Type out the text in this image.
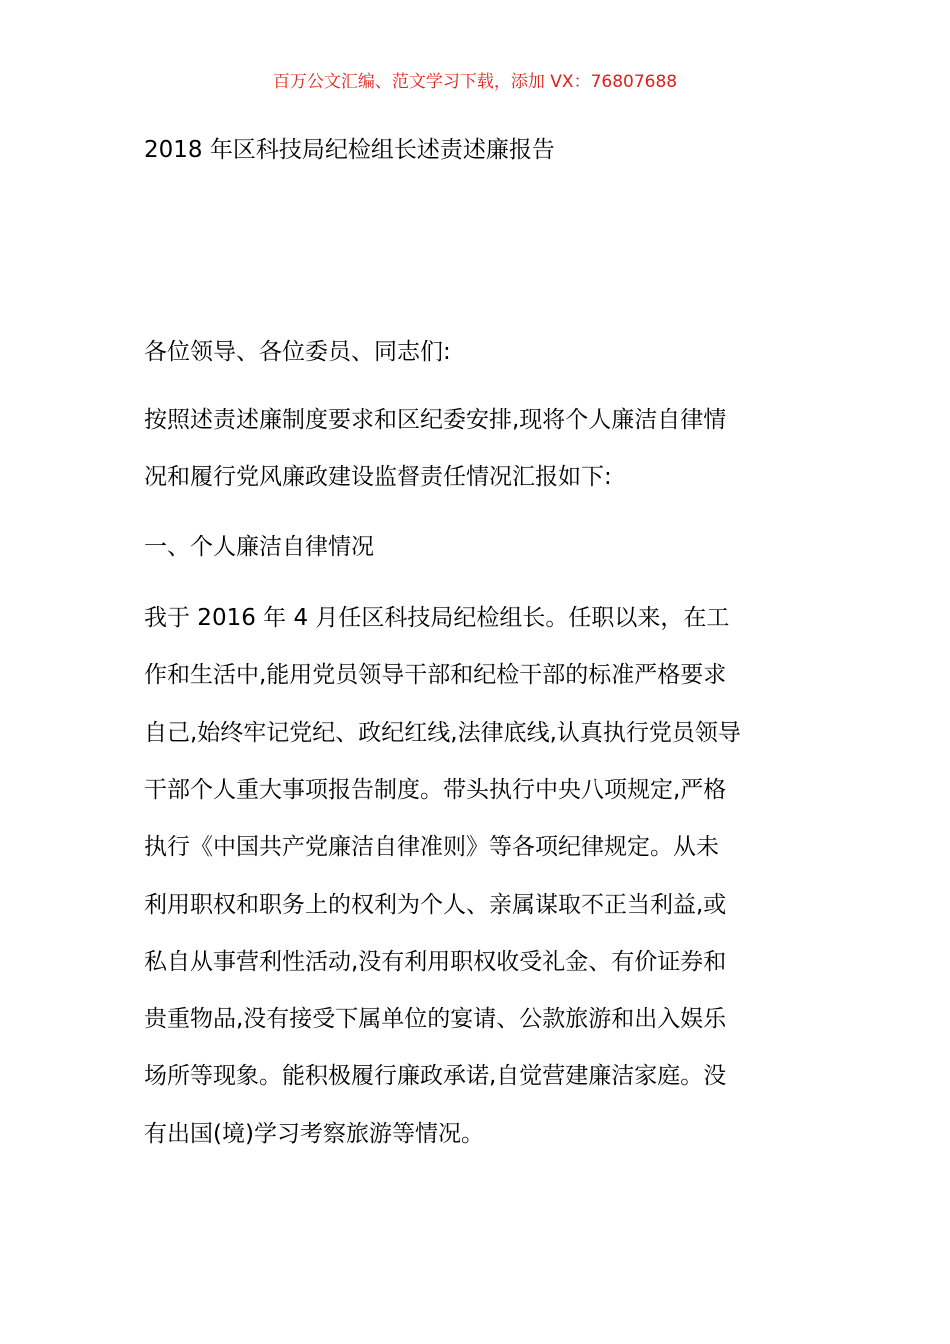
百万公文汇编、范文学习下载，添加 VX：76807688
2018 年区科技局纪检组长述责述廉报告
各位领导、各位委员、同志们:
按照述责述廉制度要求和区纪委安排,现将个人廉洁自律情
况和履行党风廉政建设监督责任情况汇报如下:
一、个人廉洁自律情况
我于 2016 年 4 月任区科技局纪检组长。任职以来，在工
作和生活中,能用党员领导干部和纪检干部的标准严格要求
自己,始终牢记党纪、政纪红线,法律底线,认真执行党员领导
干部个人重大事项报告制度。带头执行中央八项规定,严格
执行《中国共产党廉洁自律准则》等各项纪律规定。从未
利用职权和职务上的权利为个人、亲属谋取不正当利益,或
私自从事营利性活动,没有利用职权收受礼金、有价证券和
贵重物品,没有接受下属单位的宴请、公款旅游和出入娱乐
场所等现象。能积极履行廉政承诺,自觉营建廉洁家庭。没
有出国(境)学习考察旅游等情况。
